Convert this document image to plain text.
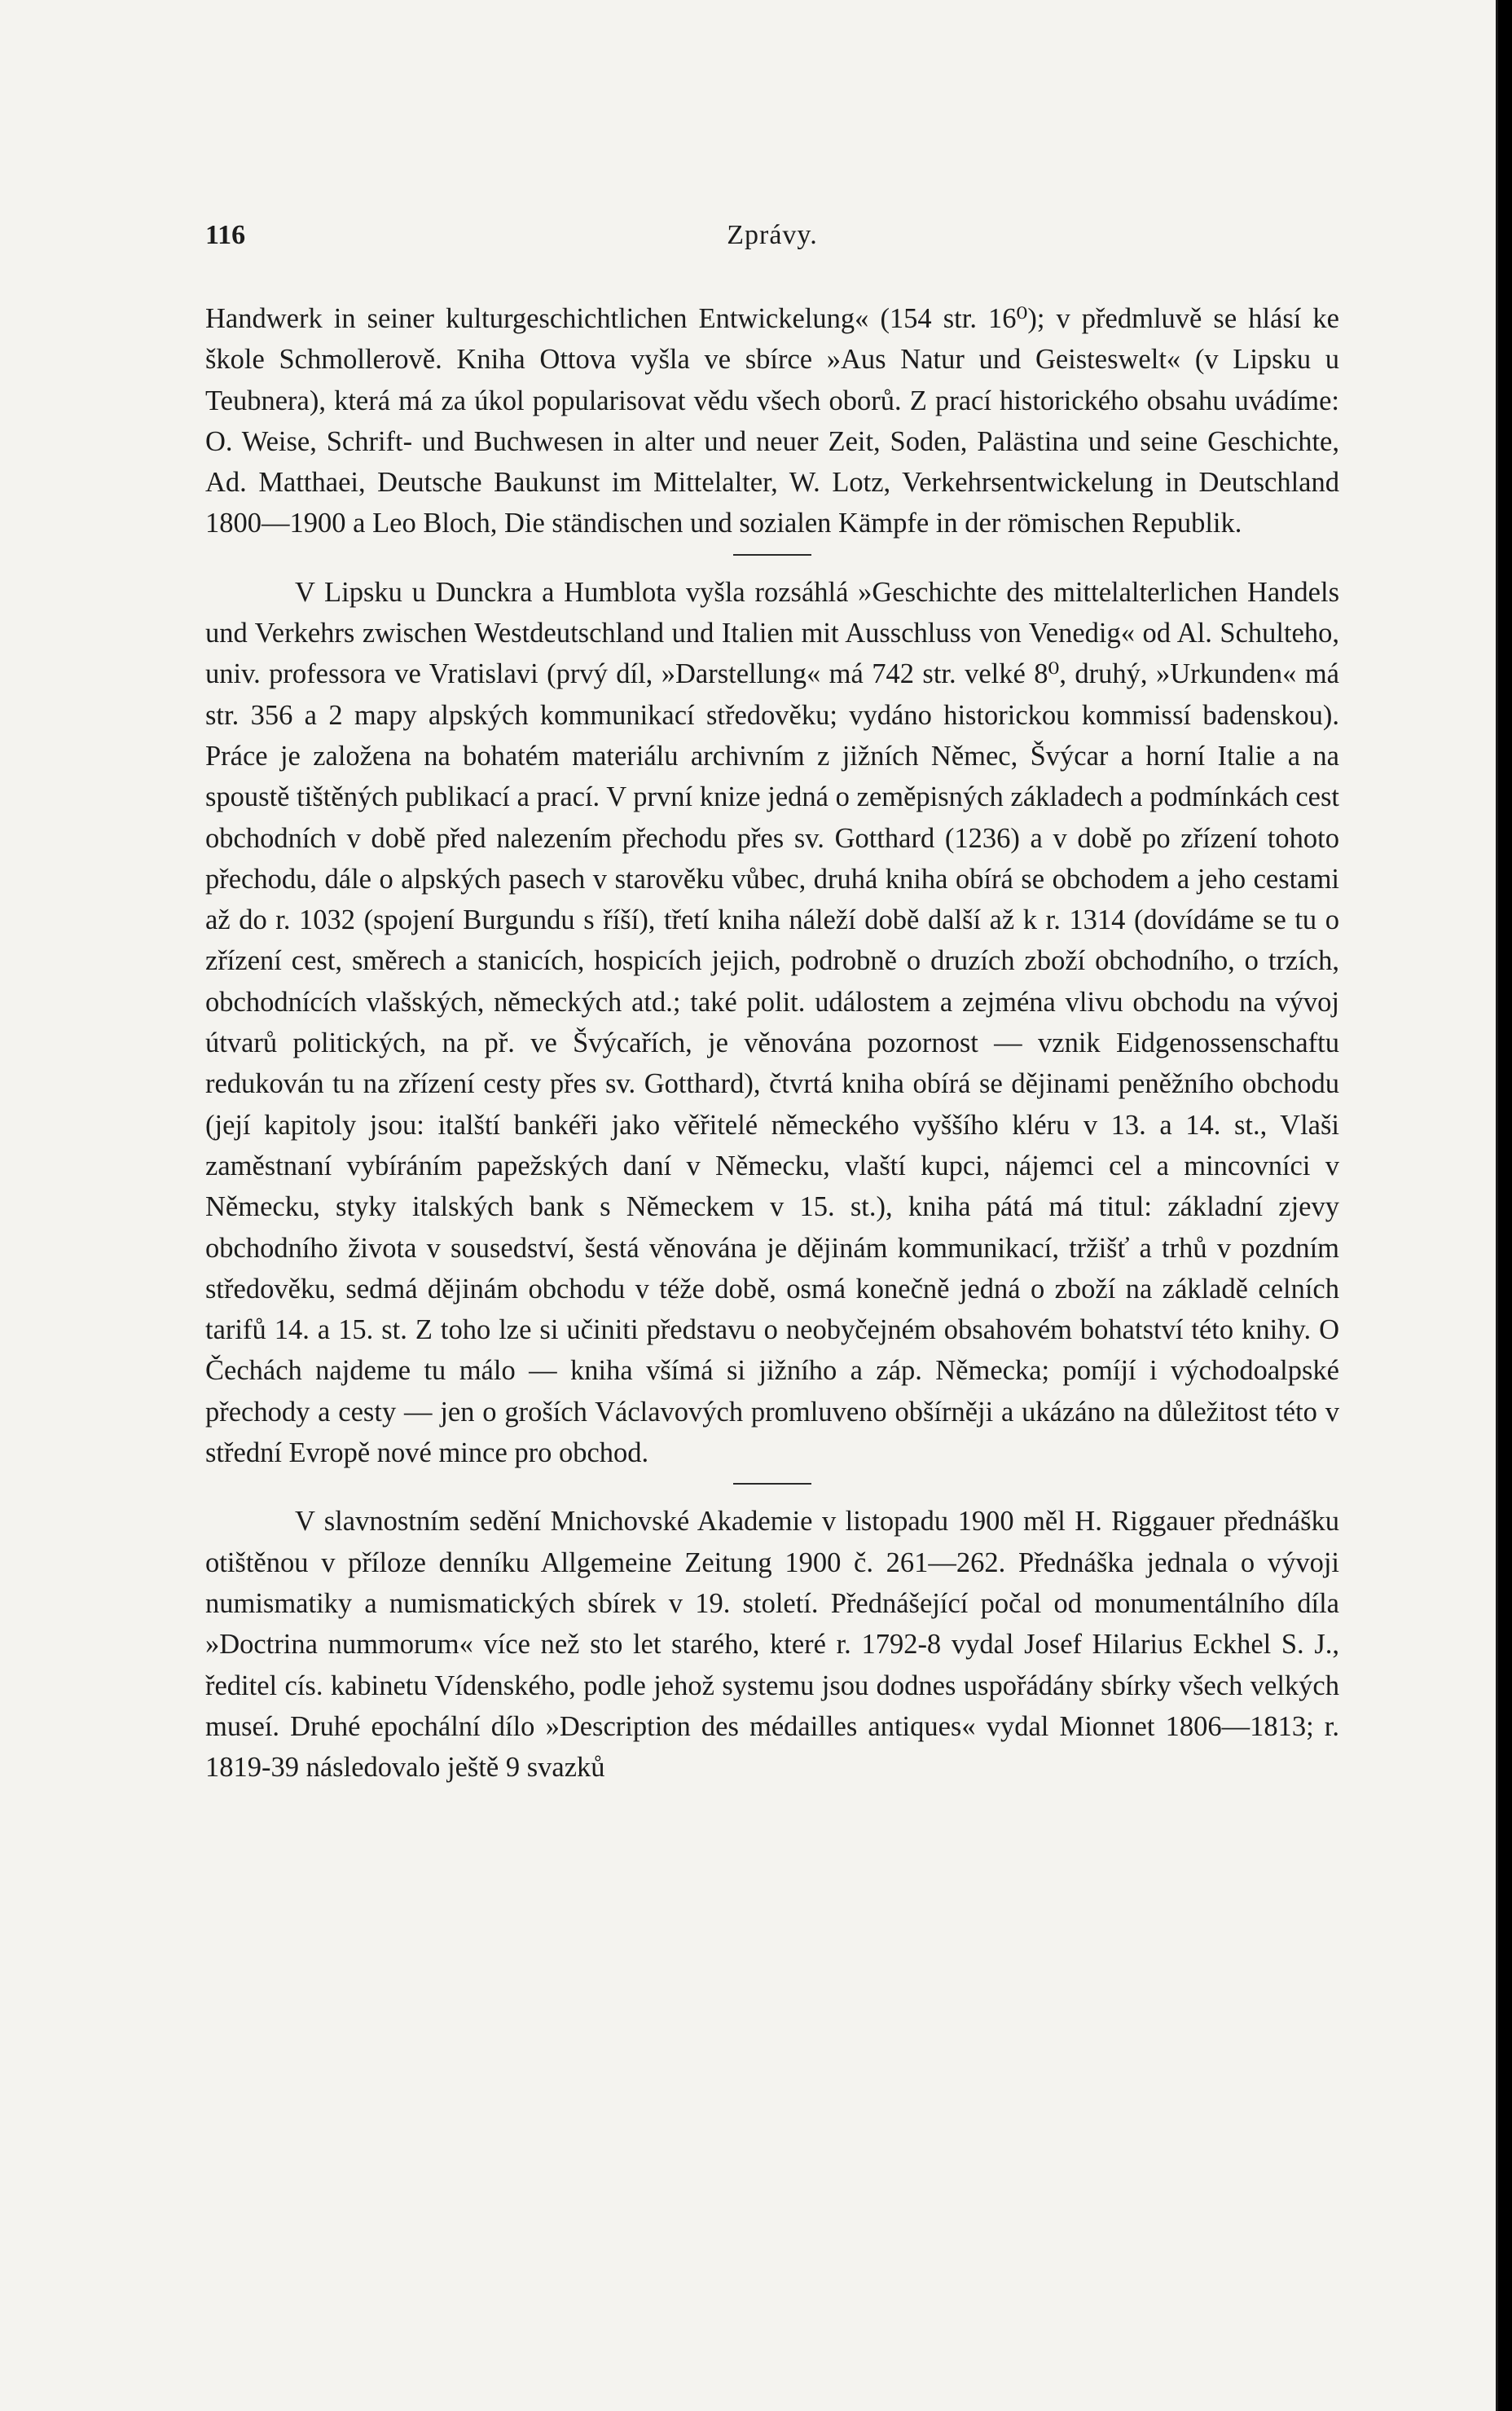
116	Zprávy.

Handwerk in seiner kulturgeschichtlichen Entwickelung« (154 str. 16⁰); v předmluvě se hlásí ke škole Schmollerově. Kniha Ottova vyšla ve sbírce »Aus Natur und Geisteswelt« (v Lipsku u Teubnera), která má za úkol popularisovat vědu všech oborů. Z prací historického obsahu uvádíme: O. Weise, Schrift- und Buchwesen in alter und neuer Zeit, Soden, Palästina und seine Geschichte, Ad. Matthaei, Deutsche Baukunst im Mittelalter, W. Lotz, Verkehrsentwickelung in Deutschland 1800—1900 a Leo Bloch, Die ständischen und sozialen Kämpfe in der römischen Republik.

V Lipsku u Dunckra a Humblota vyšla rozsáhlá »Geschichte des mittelalterlichen Handels und Verkehrs zwischen Westdeutschland und Italien mit Ausschluss von Venedig« od Al. Schulteho, univ. professora ve Vratislavi (prvý díl, »Darstellung« má 742 str. velké 8⁰, druhý, »Urkunden« má str. 356 a 2 mapy alpských kommunikací středověku; vydáno historickou kommissí badenskou). Práce je založena na bohatém materiálu archivním z jižních Němec, Švýcar a horní Italie a na spoustě tištěných publikací a prací. V první knize jedná o zeměpisných základech a podmínkách cest obchodních v době před nalezením přechodu přes sv. Gotthard (1236) a v době po zřízení tohoto přechodu, dále o alpských pasech v starověku vůbec, druhá kniha obírá se obchodem a jeho cestami až do r. 1032 (spojení Burgundu s říší), třetí kniha náleží době další až k r. 1314 (dovídáme se tu o zřízení cest, směrech a stanicích, hospicích jejich, podrobně o druzích zboží obchodního, o trzích, obchodnících vlašských, německých atd.; také polit. událostem a zejména vlivu obchodu na vývoj útvarů politických, na př. ve Švýcařích, je věnována pozornost — vznik Eidgenossenschaftu redukován tu na zřízení cesty přes sv. Gotthard), čtvrtá kniha obírá se dějinami peněžního obchodu (její kapitoly jsou: italští bankéři jako věřitelé německého vyššího kléru v 13. a 14. st., Vlaši zaměstnaní vybíráním papežských daní v Německu, vlaští kupci, nájemci cel a mincovníci v Německu, styky italských bank s Německem v 15. st.), kniha pátá má titul: základní zjevy obchodního života v sousedství, šestá věnována je dějinám kommunikací, tržišť a trhů v pozdním středověku, sedmá dějinám obchodu v téže době, osmá konečně jedná o zboží na základě celních tarifů 14. a 15. st. Z toho lze si učiniti představu o neobyčejném obsahovém bohatství této knihy. O Čechách najdeme tu málo — kniha všímá si jižního a záp. Německa; pomíjí i východoalpské přechody a cesty — jen o groších Václavových promluveno obšírněji a ukázáno na důležitost této v střední Evropě nové mince pro obchod.

V slavnostním sedění Mnichovské Akademie v listopadu 1900 měl H. Riggauer přednášku otištěnou v příloze denníku Allgemeine Zeitung 1900 č. 261—262. Přednáška jednala o vývoji numismatiky a numismatických sbírek v 19. století. Přednášející počal od monumentálního díla »Doctrina nummorum« více než sto let starého, které r. 1792-8 vydal Josef Hilarius Eckhel S. J., ředitel cís. kabinetu Vídenského, podle jehož systemu jsou dodnes uspořádány sbírky všech velkých museí. Druhé epochální dílo »Description des médailles antiques« vydal Mionnet 1806—1813; r. 1819-39 následovalo ještě 9 svazků
